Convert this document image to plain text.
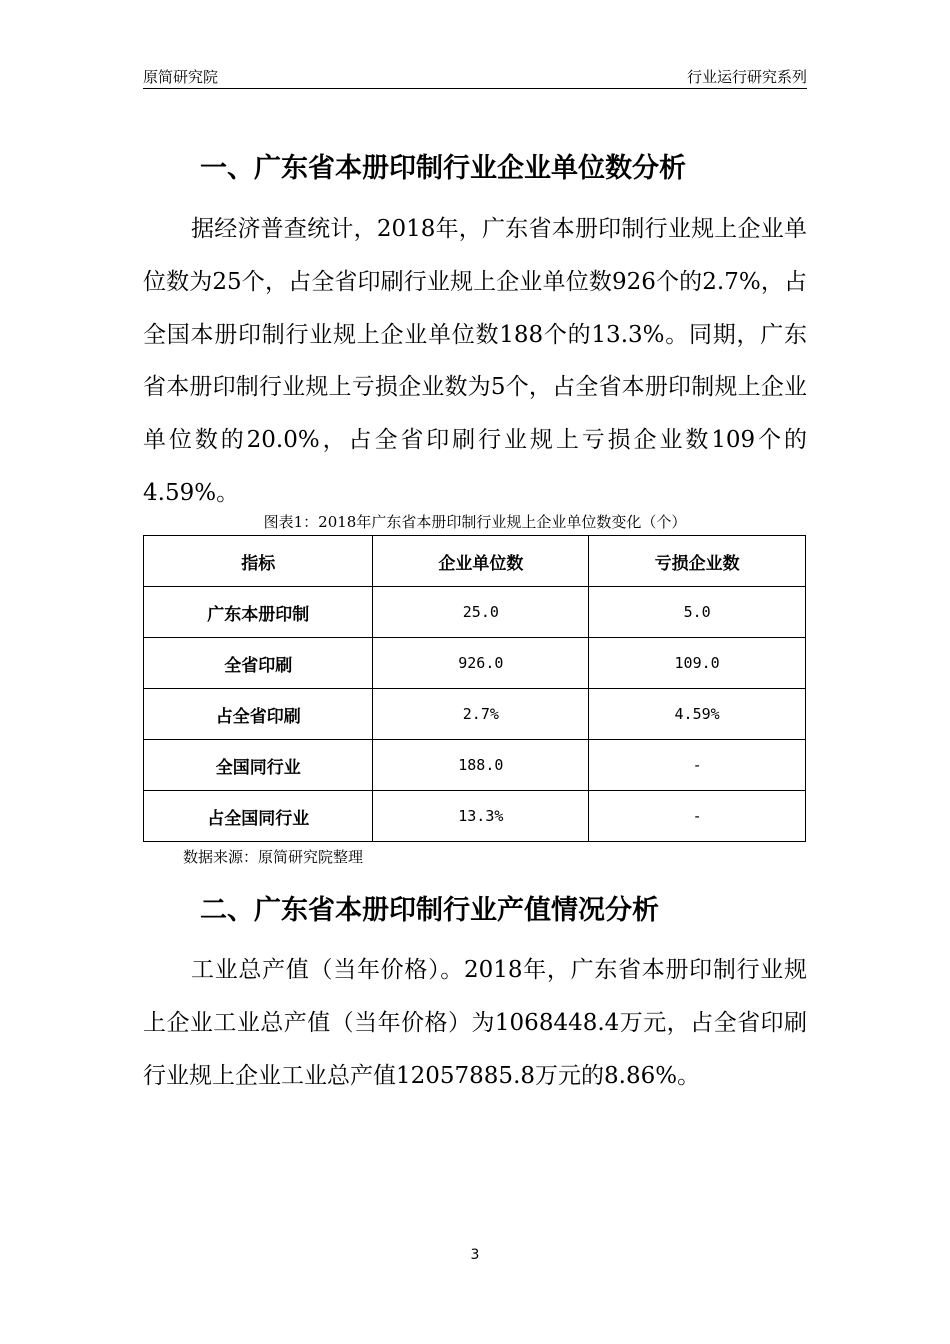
原简研究院	行业运行研究系列
一、广东省本册印制行业企业单位数分析

据经济普查统计，2018年，广东省本册印制行业规上企业单位数为25个，占全省印刷行业规上企业单位数926个的2.7%，占全国本册印制行业规上企业单位数188个的13.3%。同期，广东省本册印制行业规上亏损企业数为5个，占全省本册印制规上企业单位数的20.0%，占全省印刷行业规上亏损企业数109个的4.59%。

图表1：2018年广东省本册印制行业规上企业单位数变化（个）
指标	企业单位数	亏损企业数
广东本册印制	25.0	5.0
全省印刷	926.0	109.0
占全省印刷	2.7%	4.59%
全国同行业	188.0	-
占全国同行业	13.3%	-
数据来源：原简研究院整理
二、广东省本册印制行业产值情况分析

工业总产值（当年价格）。2018年，广东省本册印制行业规上企业工业总产值（当年价格）为1068448.4万元，占全省印刷行业规上企业工业总产值12057885.8万元的8.86%。

3
